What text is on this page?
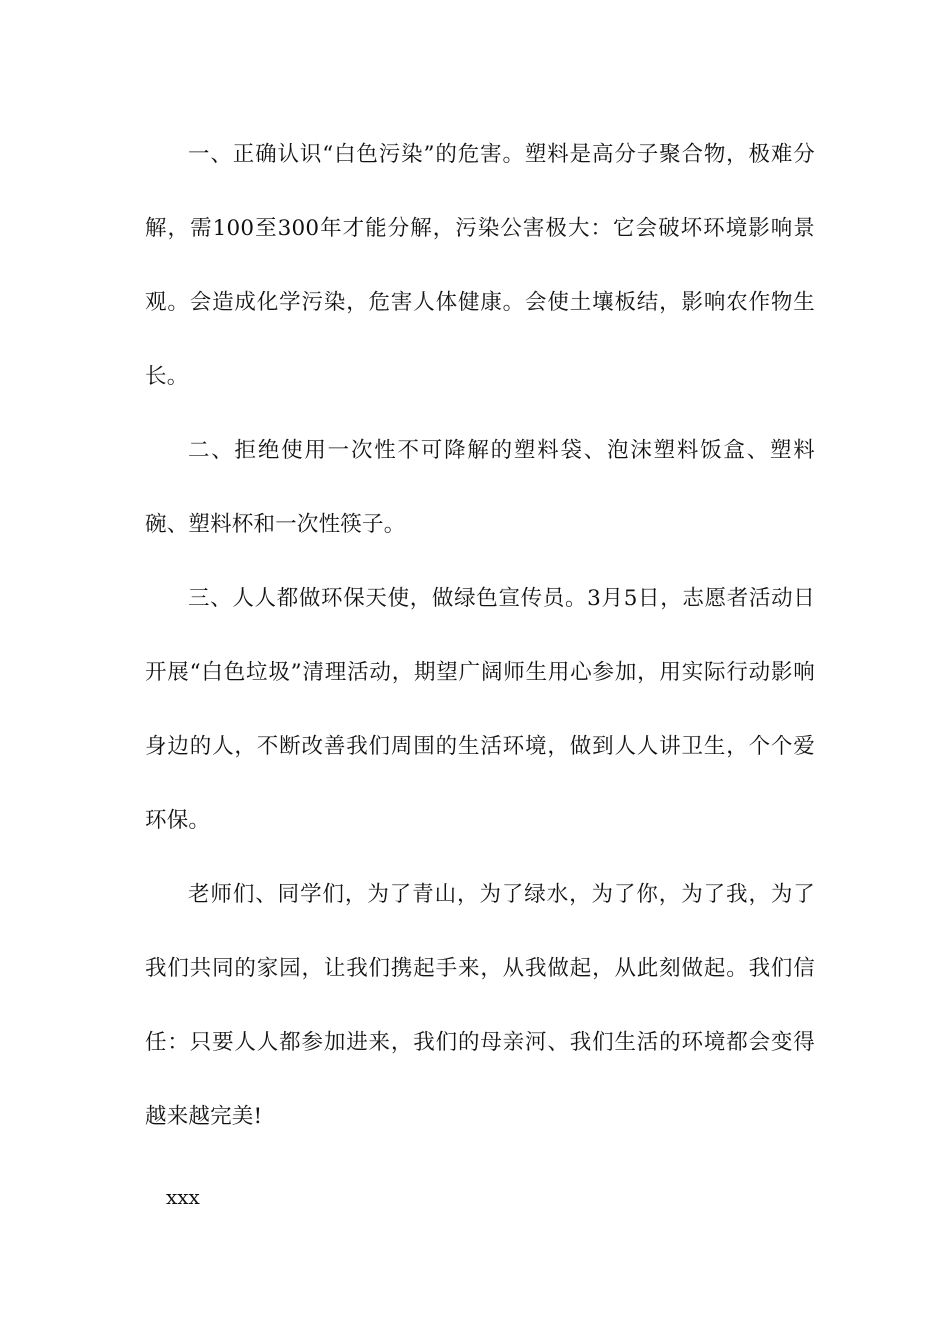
一、正确认识“白色污染”的危害。塑料是高分子聚合物，极难分解，需100至300年才能分解，污染公害极大：它会破坏环境影响景观。会造成化学污染，危害人体健康。会使土壤板结，影响农作物生长。

二、拒绝使用一次性不可降解的塑料袋、泡沫塑料饭盒、塑料碗、塑料杯和一次性筷子。

三、人人都做环保天使，做绿色宣传员。3月5日，志愿者活动日开展“白色垃圾”清理活动，期望广阔师生用心参加，用实际行动影响身边的人，不断改善我们周围的生活环境，做到人人讲卫生，个个爱环保。

老师们、同学们，为了青山，为了绿水，为了你，为了我，为了我们共同的家园，让我们携起手来，从我做起，从此刻做起。我们信任：只要人人都参加进来，我们的母亲河、我们生活的环境都会变得越来越完美!

xxx
